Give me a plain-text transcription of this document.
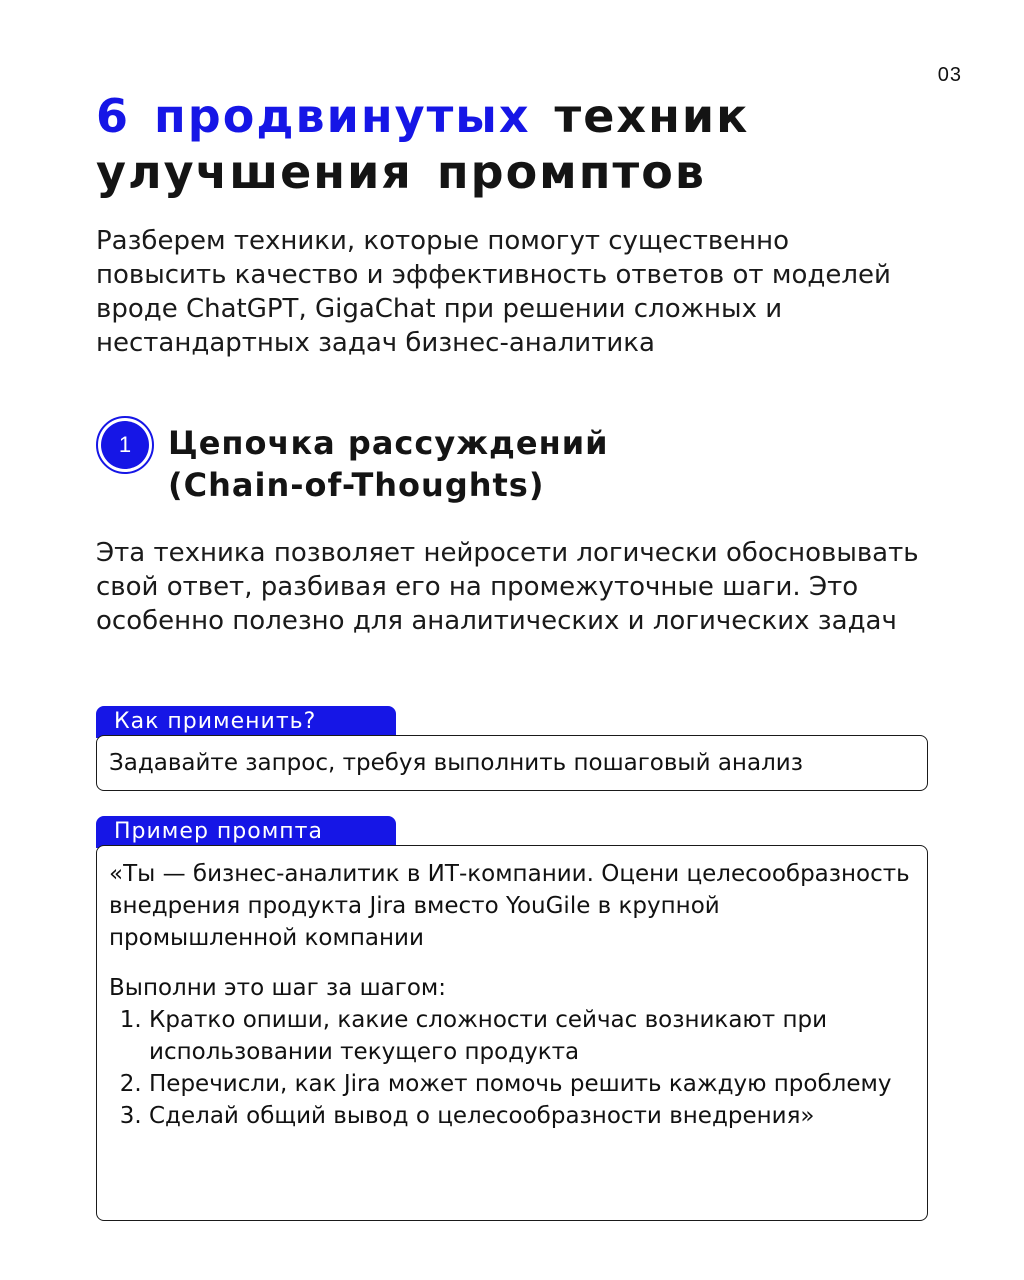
03
6 продвинутых техник
улучшения промптов

Разберем техники, которые помогут существенно повысить качество и эффективность ответов от моделей вроде ChatGPT, GigaChat при решении сложных и нестандартных задач бизнес-аналитика

1	Цепочка рассуждений
(Chain-of-Thoughts)

Эта техника позволяет нейросети логически обосновывать свой ответ, разбивая его на промежуточные шаги. Это особенно полезно для аналитических и логических задач

Как применить?
Задавайте запрос, требуя выполнить пошаговый анализ
Пример промпта

«Ты — бизнес-аналитик в ИТ-компании. Оцени целесообразность внедрения продукта Jira вместо YouGile в крупной промышленной компании

Выполни это шаг за шагом:

1. Кратко опиши, какие сложности сейчас возникают при использовании текущего продукта
2. Перечисли, как Jira может помочь решить каждую проблему
3. Сделай общий вывод о целесообразности внедрения»
